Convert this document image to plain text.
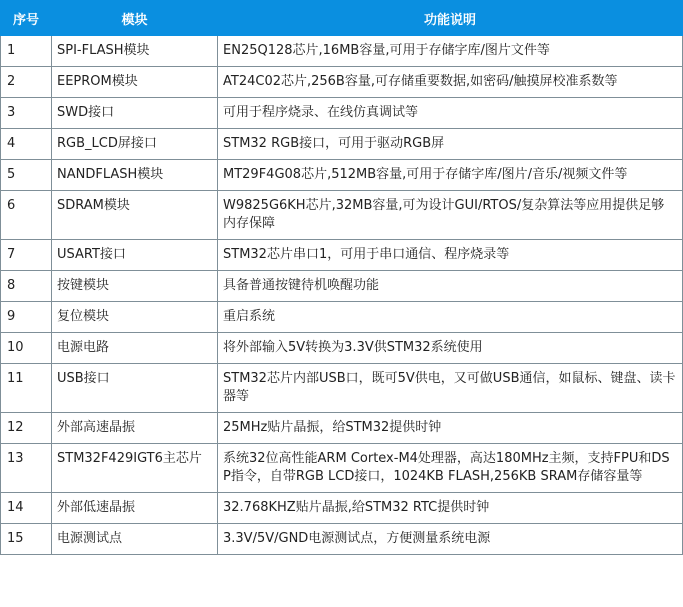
序号	模块	功能说明
1	SPI-FLASH模块	EN25Q128芯片,16MB容量,可用于存储字库/图片文件等
2	EEPROM模块	AT24C02芯片,256B容量,可存储重要数据,如密码/触摸屏校准系数等
3	SWD接口	可用于程序烧录、在线仿真调试等
4	RGB_LCD屏接口	STM32 RGB接口，可用于驱动RGB屏
5	NANDFLASH模块	MT29F4G08芯片,512MB容量,可用于存储字库/图片/音乐/视频文件等
6	SDRAM模块	W9825G6KH芯片,32MB容量,可为设计GUI/RTOS/复杂算法等应用提供足够内存保障
7	USART接口	STM32芯片串口1，可用于串口通信、程序烧录等
8	按键模块	具备普通按键待机唤醒功能
9	复位模块	重启系统
10	电源电路	将外部输入5V转换为3.3V供STM32系统使用
11	USB接口	STM32芯片内部USB口，既可5V供电，又可做USB通信，如鼠标、键盘、读卡器等
12	外部高速晶振	25MHz贴片晶振，给STM32提供时钟
13	STM32F429IGT6主芯片	系统32位高性能ARM Cortex-M4处理器，高达180MHz主频，支持FPU和DSP指令，自带RGB LCD接口，1024KB FLASH,256KB SRAM存储容量等
14	外部低速晶振	32.768KHZ贴片晶振,给STM32 RTC提供时钟
15	电源测试点	3.3V/5V/GND电源测试点，方便测量系统电源
